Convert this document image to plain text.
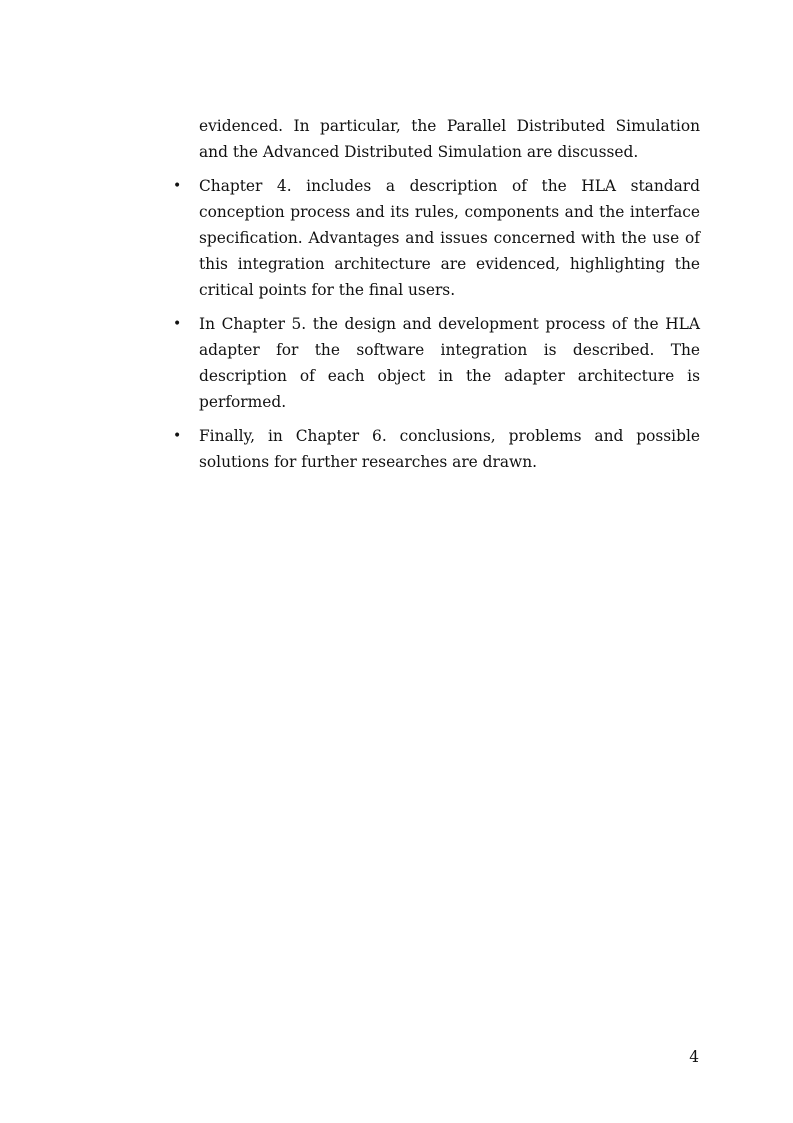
evidenced. In particular, the Parallel Distributed Simulation and the Advanced Distributed Simulation are discussed.

• Chapter 4. includes a description of the HLA standard conception process and its rules, components and the interface specification. Advantages and issues concerned with the use of this integration architecture are evidenced, highlighting the critical points for the final users.
• In Chapter 5. the design and development process of the HLA adapter for the software integration is described. The description of each object in the adapter architecture is performed.
• Finally, in Chapter 6. conclusions, problems and possible solutions for further researches are drawn.
4
